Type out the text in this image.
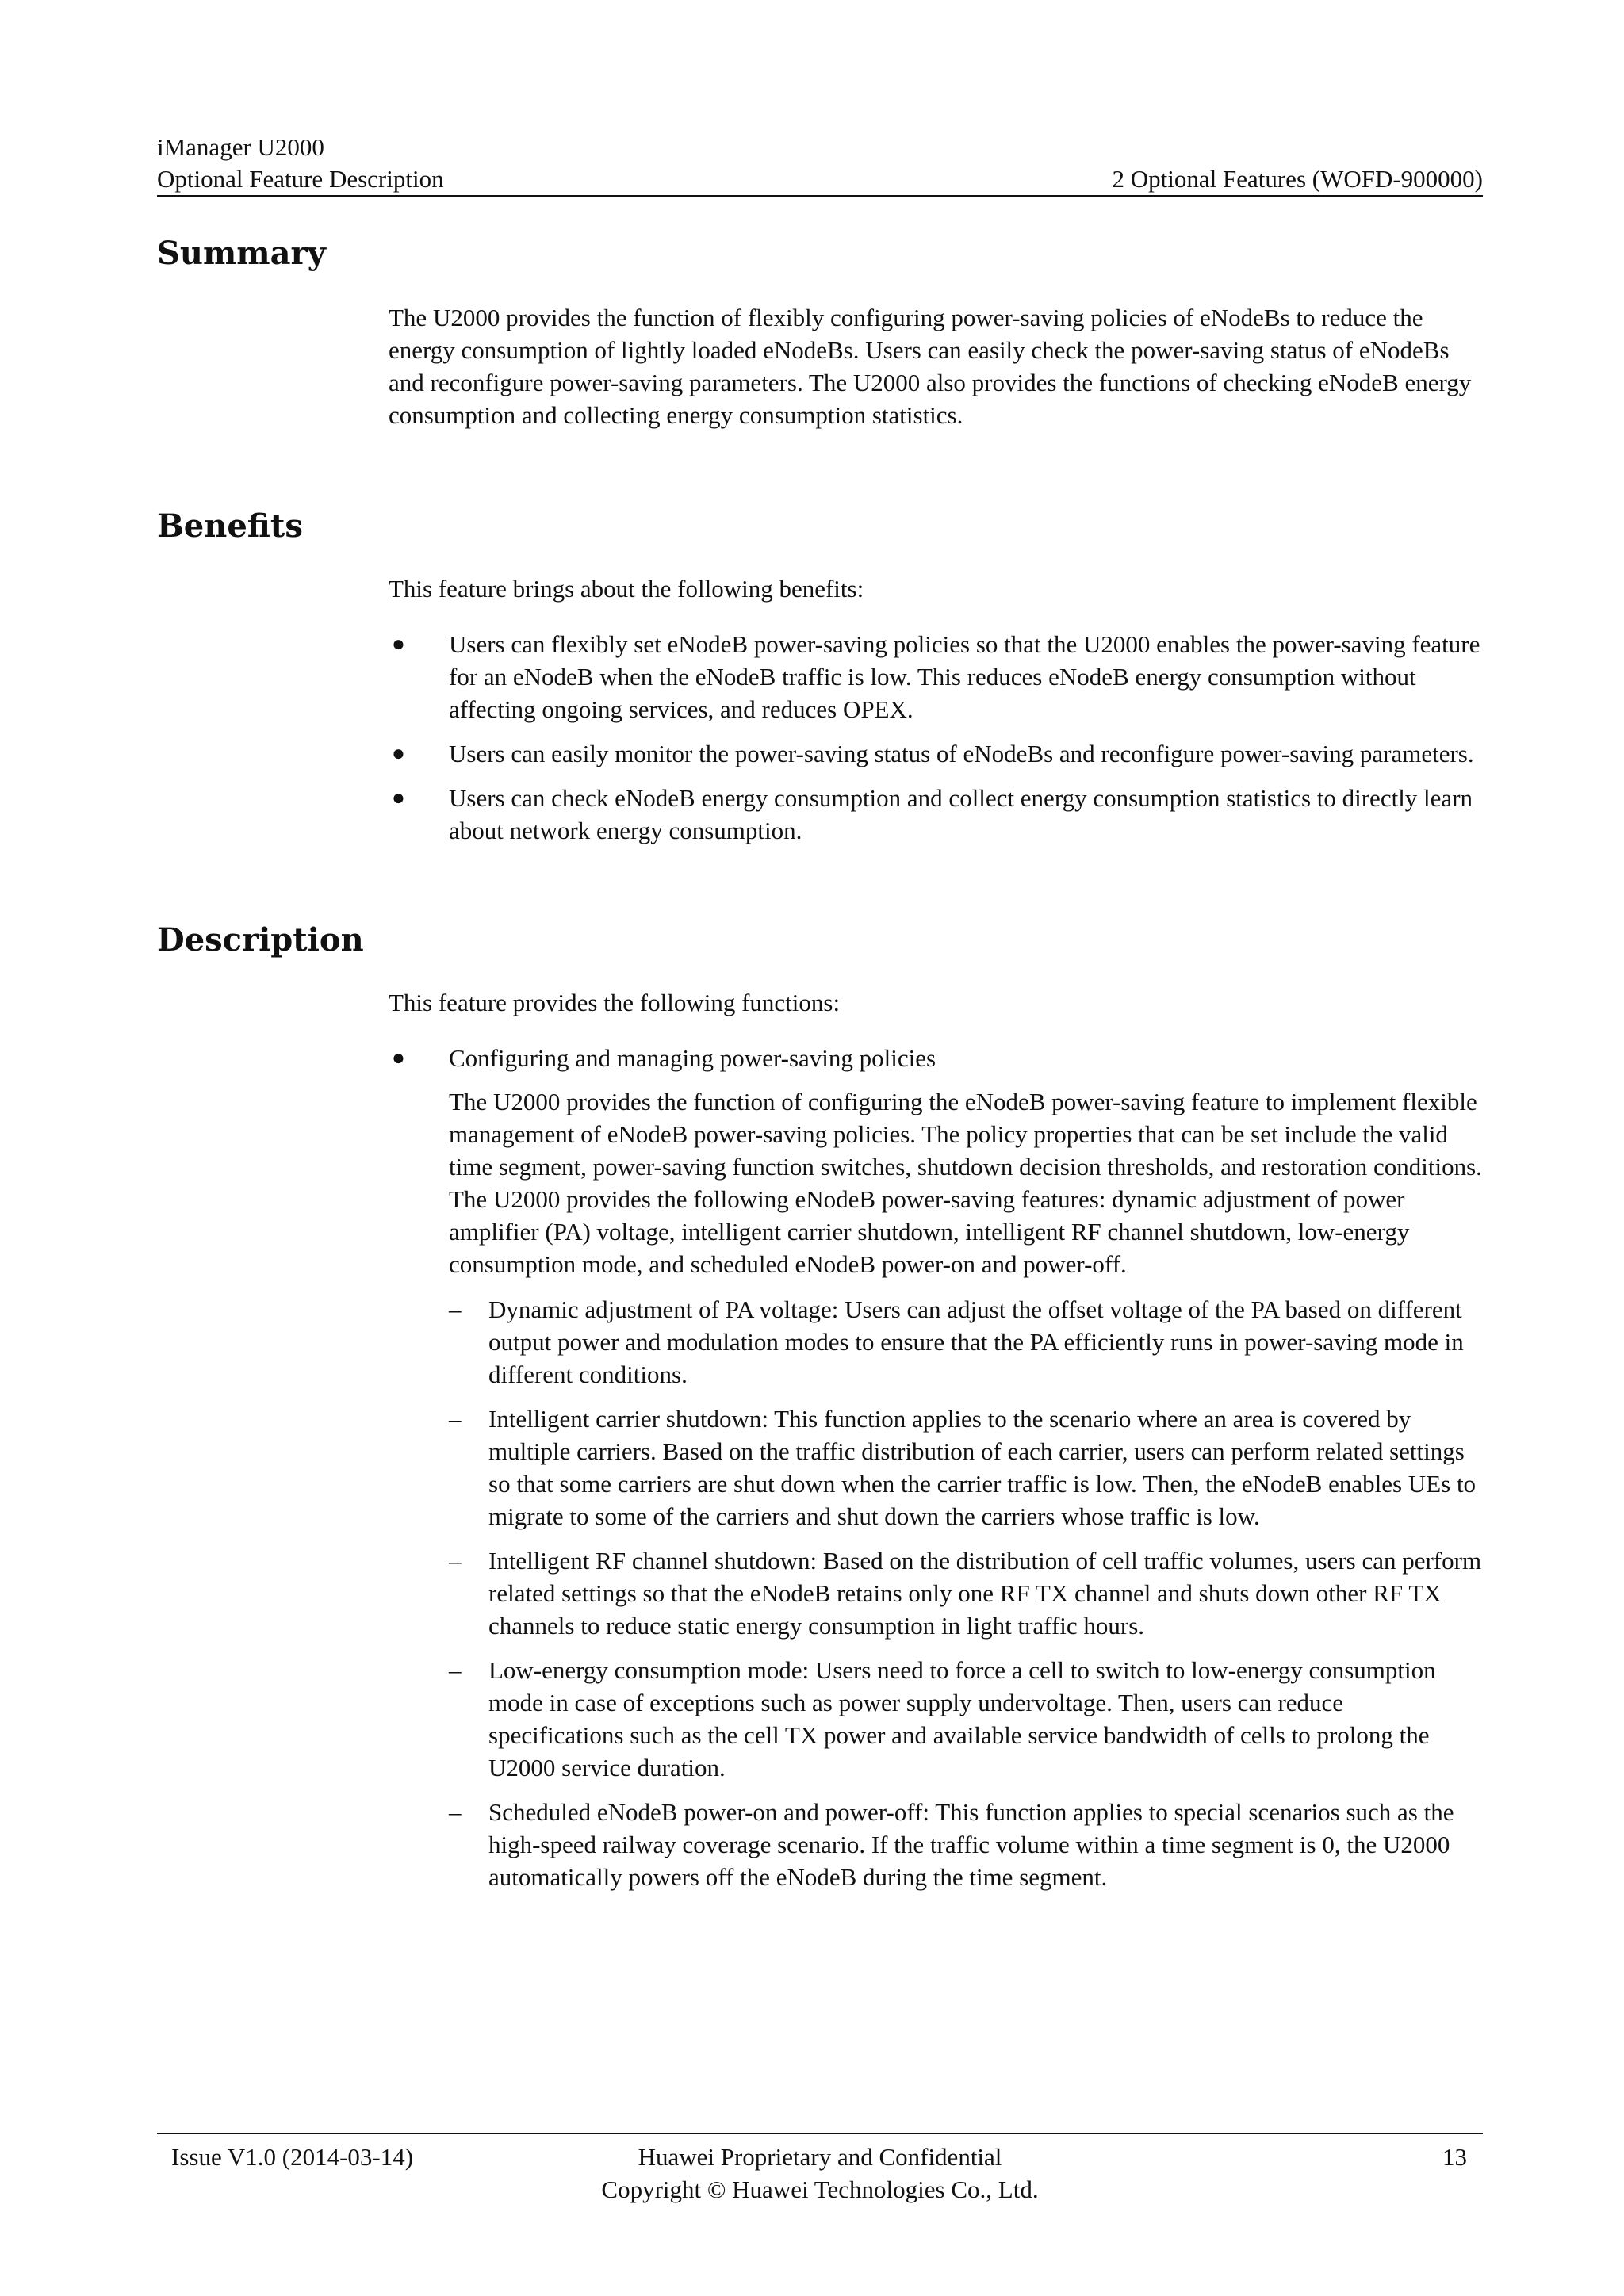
iManager U2000
Optional Feature Description	2 Optional Features (WOFD-900000)
Summary

The U2000 provides the function of flexibly configuring power-saving policies of eNodeBs to reduce the energy consumption of lightly loaded eNodeBs. Users can easily check the power-saving status of eNodeBs and reconfigure power-saving parameters. The U2000 also provides the functions of checking eNodeB energy consumption and collecting energy consumption statistics.

Benefits

This feature brings about the following benefits:

● Users can flexibly set eNodeB power-saving policies so that the U2000 enables the power-saving feature for an eNodeB when the eNodeB traffic is low. This reduces eNodeB energy consumption without affecting ongoing services, and reduces OPEX.
● Users can easily monitor the power-saving status of eNodeBs and reconfigure power-saving parameters.
● Users can check eNodeB energy consumption and collect energy consumption statistics to directly learn about network energy consumption.
Description

This feature provides the following functions:

● Configuring and managing power-saving policies
The U2000 provides the function of configuring the eNodeB power-saving feature to implement flexible management of eNodeB power-saving policies. The policy properties that can be set include the valid time segment, power-saving function switches, shutdown decision thresholds, and restoration conditions. The U2000 provides the following eNodeB power-saving features: dynamic adjustment of power amplifier (PA) voltage, intelligent carrier shutdown, intelligent RF channel shutdown, low-energy consumption mode, and scheduled eNodeB power-on and power-off.
– Dynamic adjustment of PA voltage: Users can adjust the offset voltage of the PA based on different output power and modulation modes to ensure that the PA efficiently runs in power-saving mode in different conditions.
– Intelligent carrier shutdown: This function applies to the scenario where an area is covered by multiple carriers. Based on the traffic distribution of each carrier, users can perform related settings so that some carriers are shut down when the carrier traffic is low. Then, the eNodeB enables UEs to migrate to some of the carriers and shut down the carriers whose traffic is low.
– Intelligent RF channel shutdown: Based on the distribution of cell traffic volumes, users can perform related settings so that the eNodeB retains only one RF TX channel and shuts down other RF TX channels to reduce static energy consumption in light traffic hours.
– Low-energy consumption mode: Users need to force a cell to switch to low-energy consumption mode in case of exceptions such as power supply undervoltage. Then, users can reduce specifications such as the cell TX power and available service bandwidth of cells to prolong the U2000 service duration.
– Scheduled eNodeB power-on and power-off: This function applies to special scenarios such as the high-speed railway coverage scenario. If the traffic volume within a time segment is 0, the U2000 automatically powers off the eNodeB during the time segment.
Issue V1.0 (2014-03-14)	Huawei Proprietary and Confidential
Copyright © Huawei Technologies Co., Ltd.
13
